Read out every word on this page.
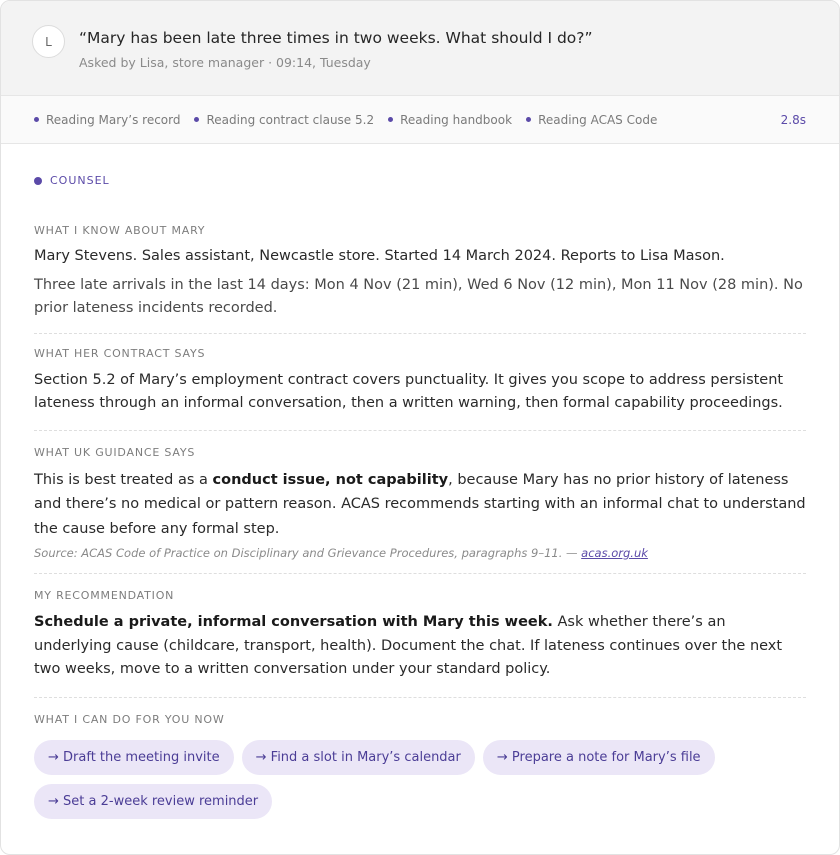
L	“Mary has been late three times in two weeks. What should I do?”
Asked by Lisa, store manager · 09:14, Tuesday
Reading Mary’s record Reading contract clause 5.2 Reading handbook Reading ACAS Code	2.8s
COUNSEL
WHAT I KNOW ABOUT MARY
Mary Stevens. Sales assistant, Newcastle store. Started 14 March 2024. Reports to Lisa Mason.
Three late arrivals in the last 14 days: Mon 4 Nov (21 min), Wed 6 Nov (12 min), Mon 11 Nov (28 min). No prior lateness incidents recorded.
WHAT HER CONTRACT SAYS
Section 5.2 of Mary’s employment contract covers punctuality. It gives you scope to address persistent lateness through an informal conversation, then a written warning, then formal capability proceedings.
WHAT UK GUIDANCE SAYS
This is best treated as a conduct issue, not capability, because Mary has no prior history of lateness and there’s no medical or pattern reason. ACAS recommends starting with an informal chat to understand the cause before any formal step.
Source: ACAS Code of Practice on Disciplinary and Grievance Procedures, paragraphs 9–11. — acas.org.uk
MY RECOMMENDATION
Schedule a private, informal conversation with Mary this week. Ask whether there’s an underlying cause (childcare, transport, health). Document the chat. If lateness continues over the next two weeks, move to a written conversation under your standard policy.
WHAT I CAN DO FOR YOU NOW
→ Draft the meeting invite	→ Find a slot in Mary’s calendar	→ Prepare a note for Mary’s file
→ Set a 2-week review reminder
